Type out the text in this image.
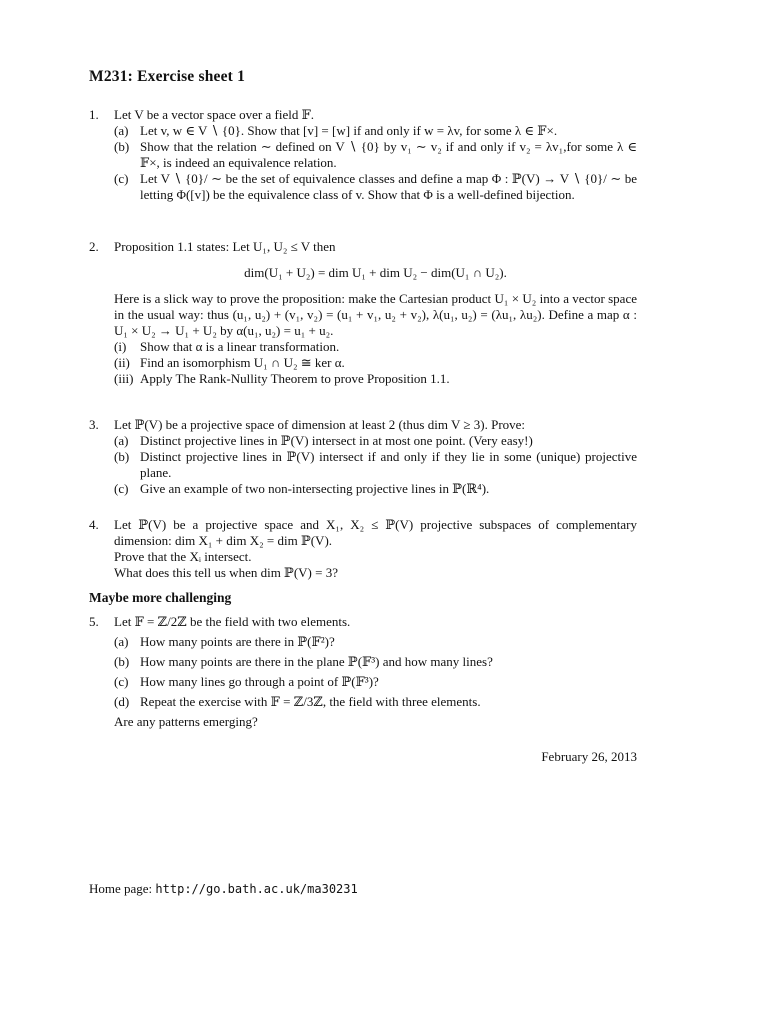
M231: Exercise sheet 1
1.	Let V be a vector space over a field 𝔽.
(a) Let v, w ∈ V ∖ {0}. Show that [v] = [w] if and only if w = λv, for some λ ∈ 𝔽×.
(b) Show that the relation ∼ defined on V ∖ {0} by v₁ ∼ v₂ if and only if v₂ = λv₁,for some λ ∈ 𝔽×, is indeed an equivalence relation.
(c) Let V ∖ {0}/ ∼ be the set of equivalence classes and define a map Φ : ℙ(V) → V ∖ {0}/ ∼ be letting Φ([v]) be the equivalence class of v. Show that Φ is a well-defined bijection.
2.	Proposition 1.1 states: Let U₁, U₂ ≤ V then
dim(U₁ + U₂) = dim U₁ + dim U₂ − dim(U₁ ∩ U₂).
Here is a slick way to prove the proposition: make the Cartesian product U₁ × U₂ into a vector space in the usual way: thus (u₁, u₂) + (v₁, v₂) = (u₁ + v₁, u₂ + v₂), λ(u₁, u₂) = (λu₁, λu₂). Define a map α : U₁ × U₂ → U₁ + U₂ by α(u₁, u₂) = u₁ + u₂.
(i) Show that α is a linear transformation.
(ii) Find an isomorphism U₁ ∩ U₂ ≅ ker α.
(iii) Apply The Rank-Nullity Theorem to prove Proposition 1.1.
3.	Let ℙ(V) be a projective space of dimension at least 2 (thus dim V ≥ 3). Prove:
(a) Distinct projective lines in ℙ(V) intersect in at most one point. (Very easy!)
(b) Distinct projective lines in ℙ(V) intersect if and only if they lie in some (unique) projective plane.
(c) Give an example of two non-intersecting projective lines in ℙ(ℝ⁴).
4.	Let ℙ(V) be a projective space and X₁, X₂ ≤ ℙ(V) projective subspaces of complementary dimension: dim X₁ + dim X₂ = dim ℙ(V).
Prove that the Xᵢ intersect.
What does this tell us when dim ℙ(V) = 3?
Maybe more challenging
5.	Let 𝔽 = ℤ/2ℤ be the field with two elements.
(a) How many points are there in ℙ(𝔽²)?
(b) How many points are there in the plane ℙ(𝔽³) and how many lines?
(c) How many lines go through a point of ℙ(𝔽³)?
(d) Repeat the exercise with 𝔽 = ℤ/3ℤ, the field with three elements.
Are any patterns emerging?
February 26, 2013
Home page: http://go.bath.ac.uk/ma30231
